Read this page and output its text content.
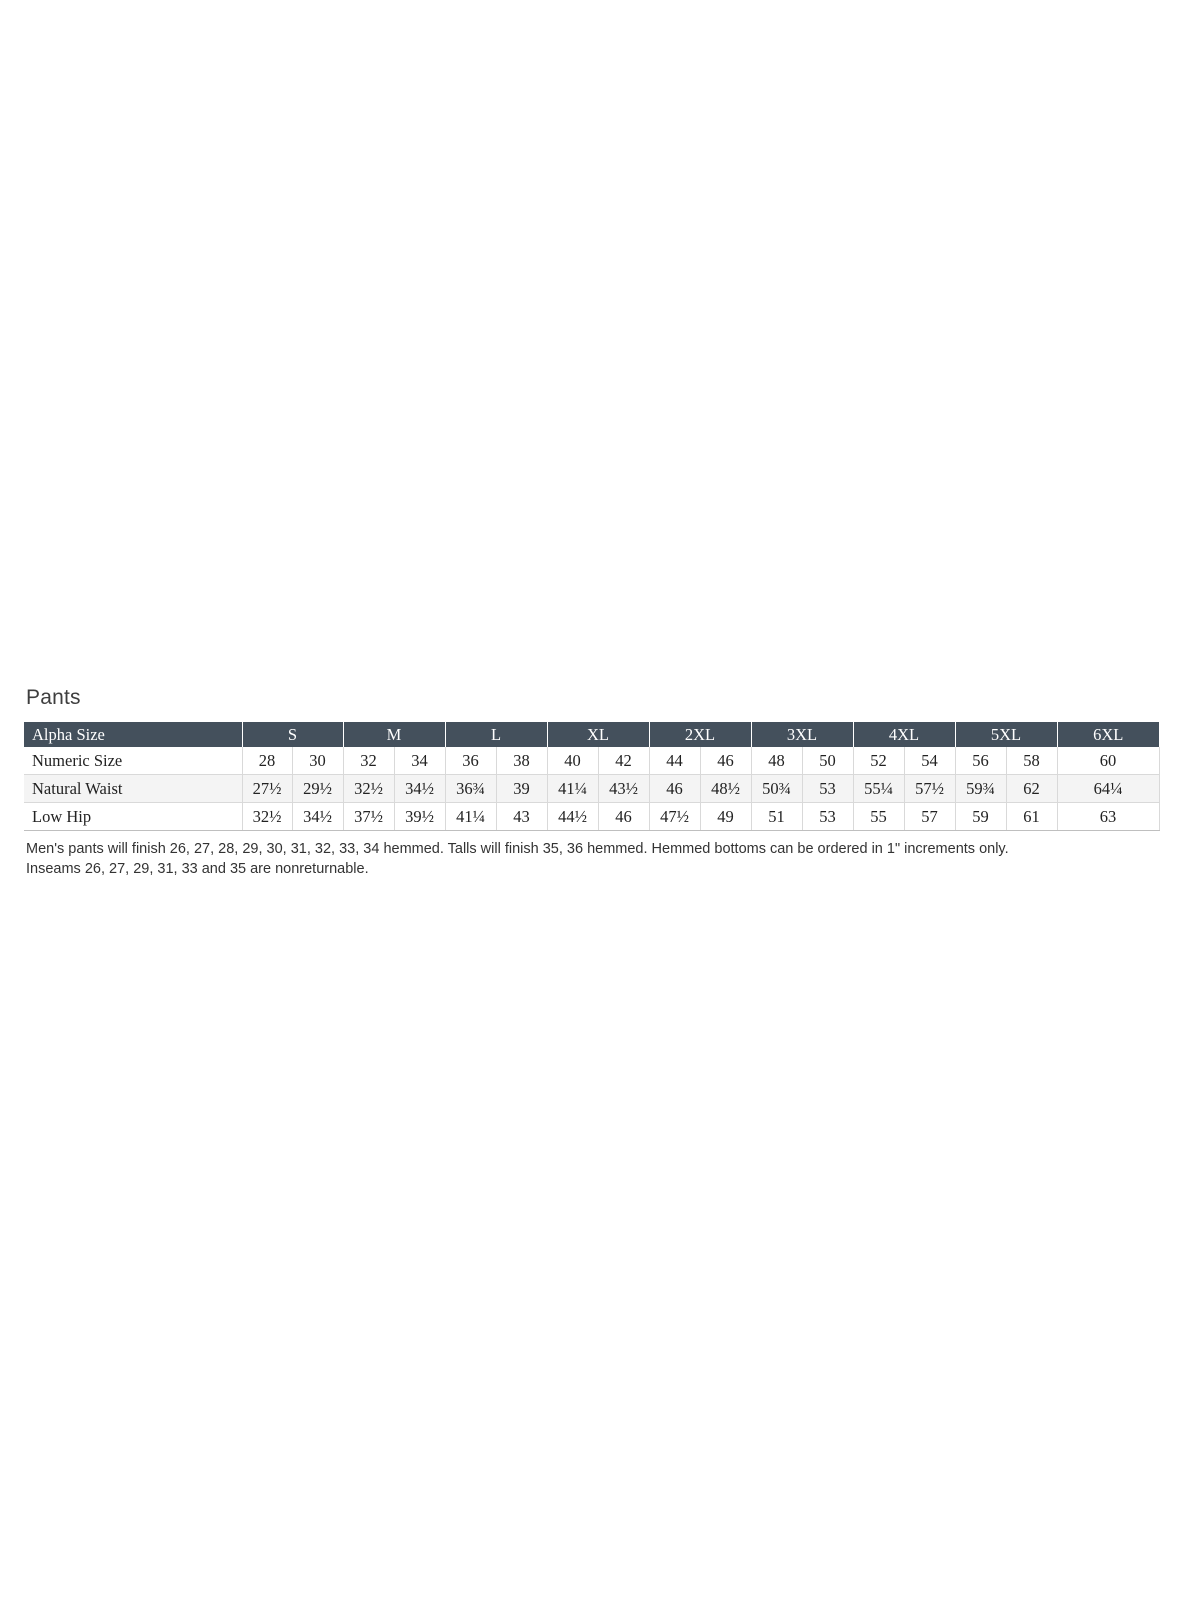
Pants
Alpha Size	S		M		L		XL		2XL		3XL		4XL		5XL		6XL
Numeric Size	28	30	32	34	36	38	40	42	44	46	48	50	52	54	56	58	60
Natural Waist	27½	29½	32½	34½	36¾	39	41¼	43½	46	48½	50¾	53	55¼	57½	59¾	62	64¼
Low Hip	32½	34½	37½	39½	41¼	43	44½	46	47½	49	51	53	55	57	59	61	63
Men's pants will finish 26, 27, 28, 29, 30, 31, 32, 33, 34 hemmed. Talls will finish 35, 36 hemmed. Hemmed bottoms can be ordered in 1" increments only.
Inseams 26, 27, 29, 31, 33 and 35 are nonreturnable.
